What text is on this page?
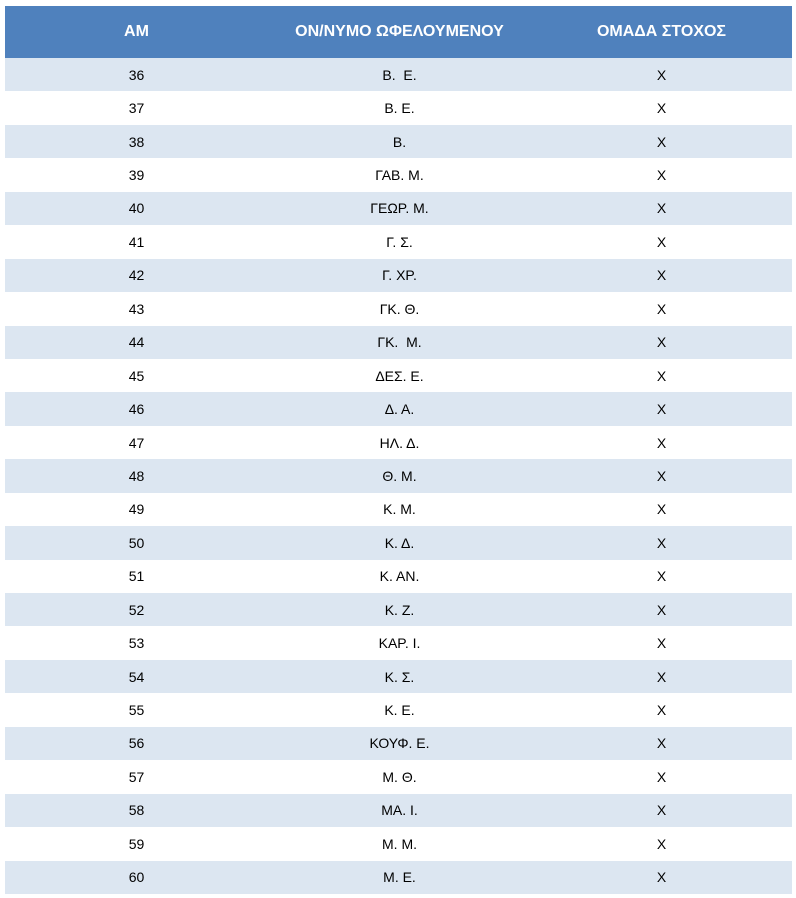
AM	ΟΝ/ΝΥΜΟ ΩΦΕΛΟΥΜΕΝΟΥ	ΟΜΑΔΑ ΣΤΟΧΟΣ
36	Β.  Ε.	Χ
37	Β. Ε.	Χ
38	Β.	Χ
39	ΓΑΒ. Μ.	Χ
40	ΓΕΩΡ. Μ.	Χ
41	Γ. Σ.	Χ
42	Γ. ΧΡ.	Χ
43	ΓΚ. Θ.	Χ
44	ΓΚ.  Μ.	Χ
45	ΔΕΣ. Ε.	Χ
46	Δ. Α.	Χ
47	ΗΛ. Δ.	Χ
48	Θ. Μ.	Χ
49	Κ. Μ.	Χ
50	Κ. Δ.	Χ
51	Κ. ΑΝ.	Χ
52	Κ. Ζ.	Χ
53	ΚΑΡ. Ι.	Χ
54	Κ. Σ.	Χ
55	Κ. Ε.	Χ
56	ΚΟΥΦ. Ε.	Χ
57	Μ. Θ.	Χ
58	ΜΑ. Ι.	Χ
59	Μ. Μ.	Χ
60	Μ. Ε.	Χ
